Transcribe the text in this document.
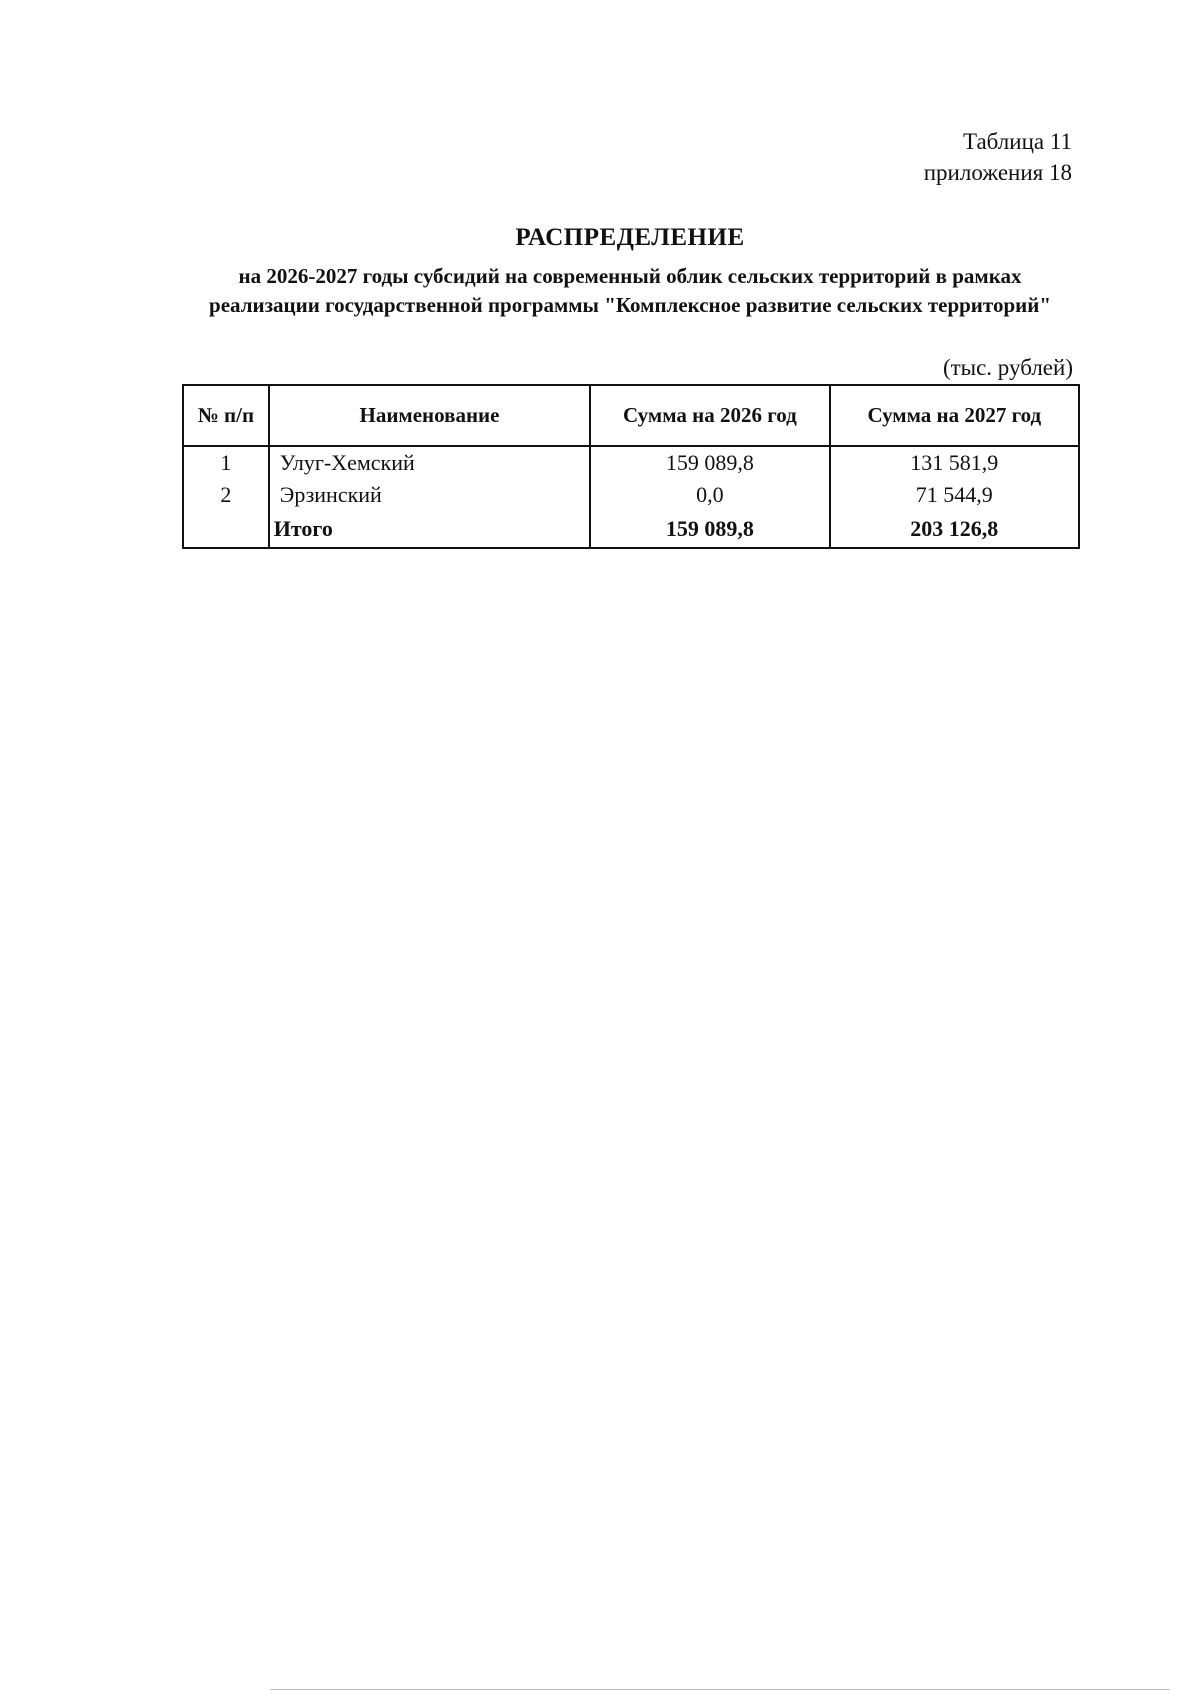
Таблица 11
приложения 18
РАСПРЕДЕЛЕНИЕ
на 2026-2027 годы субсидий на современный облик сельских территорий в рамках реализации государственной программы "Комплексное развитие сельских территорий"
(тыс. рублей)
№ п/п	Наименование	Сумма на 2026 год	Сумма на 2027 год
1	Улуг-Хемский	159 089,8	131 581,9
2	Эрзинский	0,0	71 544,9
	Итого	159 089,8	203 126,8
